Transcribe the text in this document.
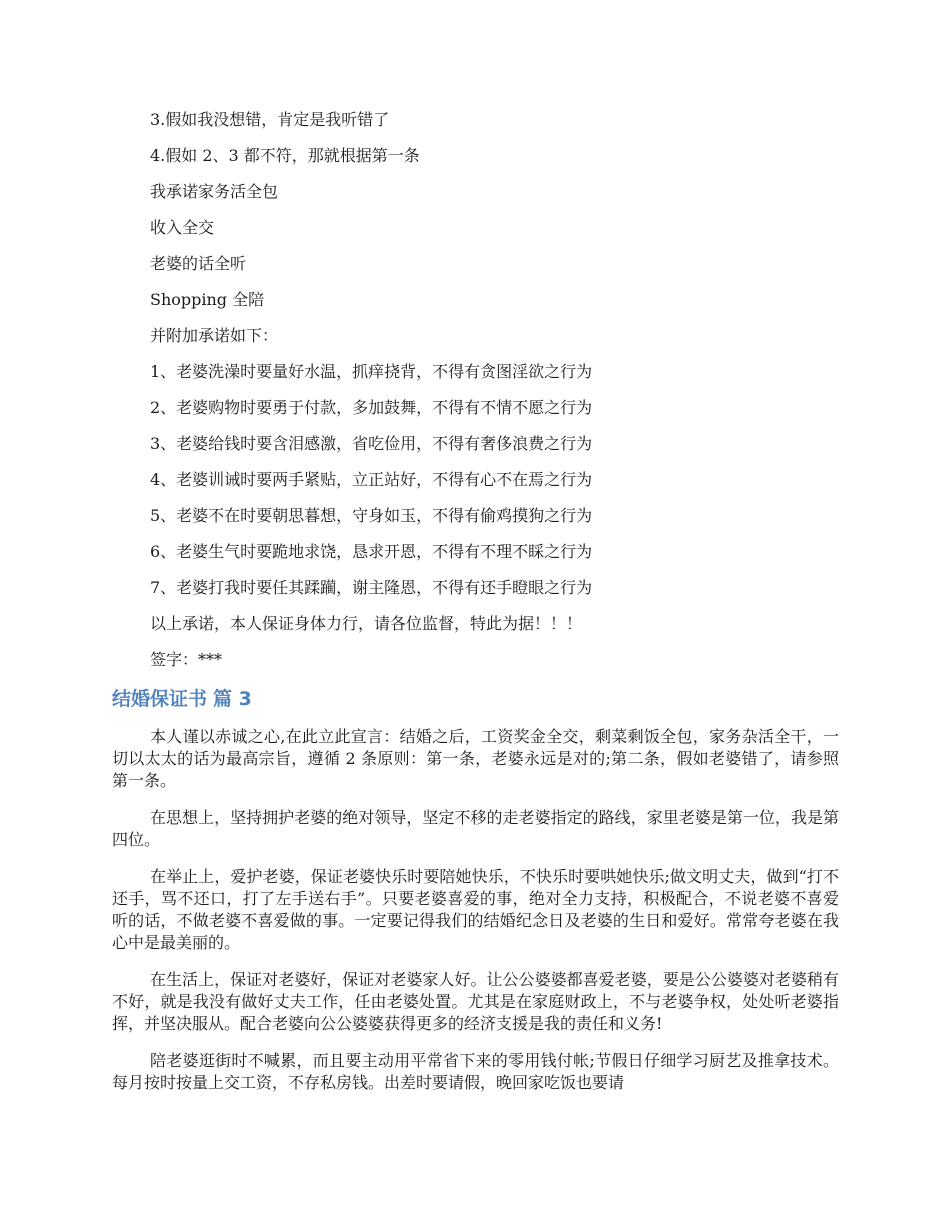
3.假如我没想错，肯定是我听错了

4.假如 2、3 都不符，那就根据第一条

我承诺家务活全包

收入全交

老婆的话全听

Shopping 全陪

并附加承诺如下：

1、老婆洗澡时要量好水温，抓痒挠背，不得有贪图淫欲之行为

2、老婆购物时要勇于付款，多加鼓舞，不得有不情不愿之行为

3、老婆给钱时要含泪感激，省吃俭用，不得有奢侈浪费之行为

4、老婆训诫时要两手紧贴，立正站好，不得有心不在焉之行为

5、老婆不在时要朝思暮想，守身如玉，不得有偷鸡摸狗之行为

6、老婆生气时要跪地求饶，恳求开恩，不得有不理不睬之行为

7、老婆打我时要任其蹂躏，谢主隆恩，不得有还手瞪眼之行为

以上承诺，本人保证身体力行，请各位监督，特此为据！！！

签字：***

结婚保证书 篇 3

本人谨以赤诚之心,在此立此宣言：结婚之后，工资奖金全交，剩菜剩饭全包，家务杂活全干，一切以太太的话为最高宗旨，遵循 2 条原则：第一条，老婆永远是对的;第二条，假如老婆错了，请参照第一条。

在思想上，坚持拥护老婆的绝对领导，坚定不移的走老婆指定的路线，家里老婆是第一位，我是第四位。

在举止上，爱护老婆，保证老婆快乐时要陪她快乐，不快乐时要哄她快乐;做文明丈夫，做到“打不还手，骂不还口，打了左手送右手”。只要老婆喜爱的事，绝对全力支持，积极配合，不说老婆不喜爱听的话，不做老婆不喜爱做的事。一定要记得我们的结婚纪念日及老婆的生日和爱好。常常夸老婆在我心中是最美丽的。

在生活上，保证对老婆好，保证对老婆家人好。让公公婆婆都喜爱老婆，要是公公婆婆对老婆稍有不好，就是我没有做好丈夫工作，任由老婆处置。尤其是在家庭财政上，不与老婆争权，处处听老婆指挥，并坚决服从。配合老婆向公公婆婆获得更多的经济支援是我的责任和义务!

陪老婆逛街时不喊累，而且要主动用平常省下来的零用钱付帐;节假日仔细学习厨艺及推拿技术。每月按时按量上交工资，不存私房钱。出差时要请假，晚回家吃饭也要请
